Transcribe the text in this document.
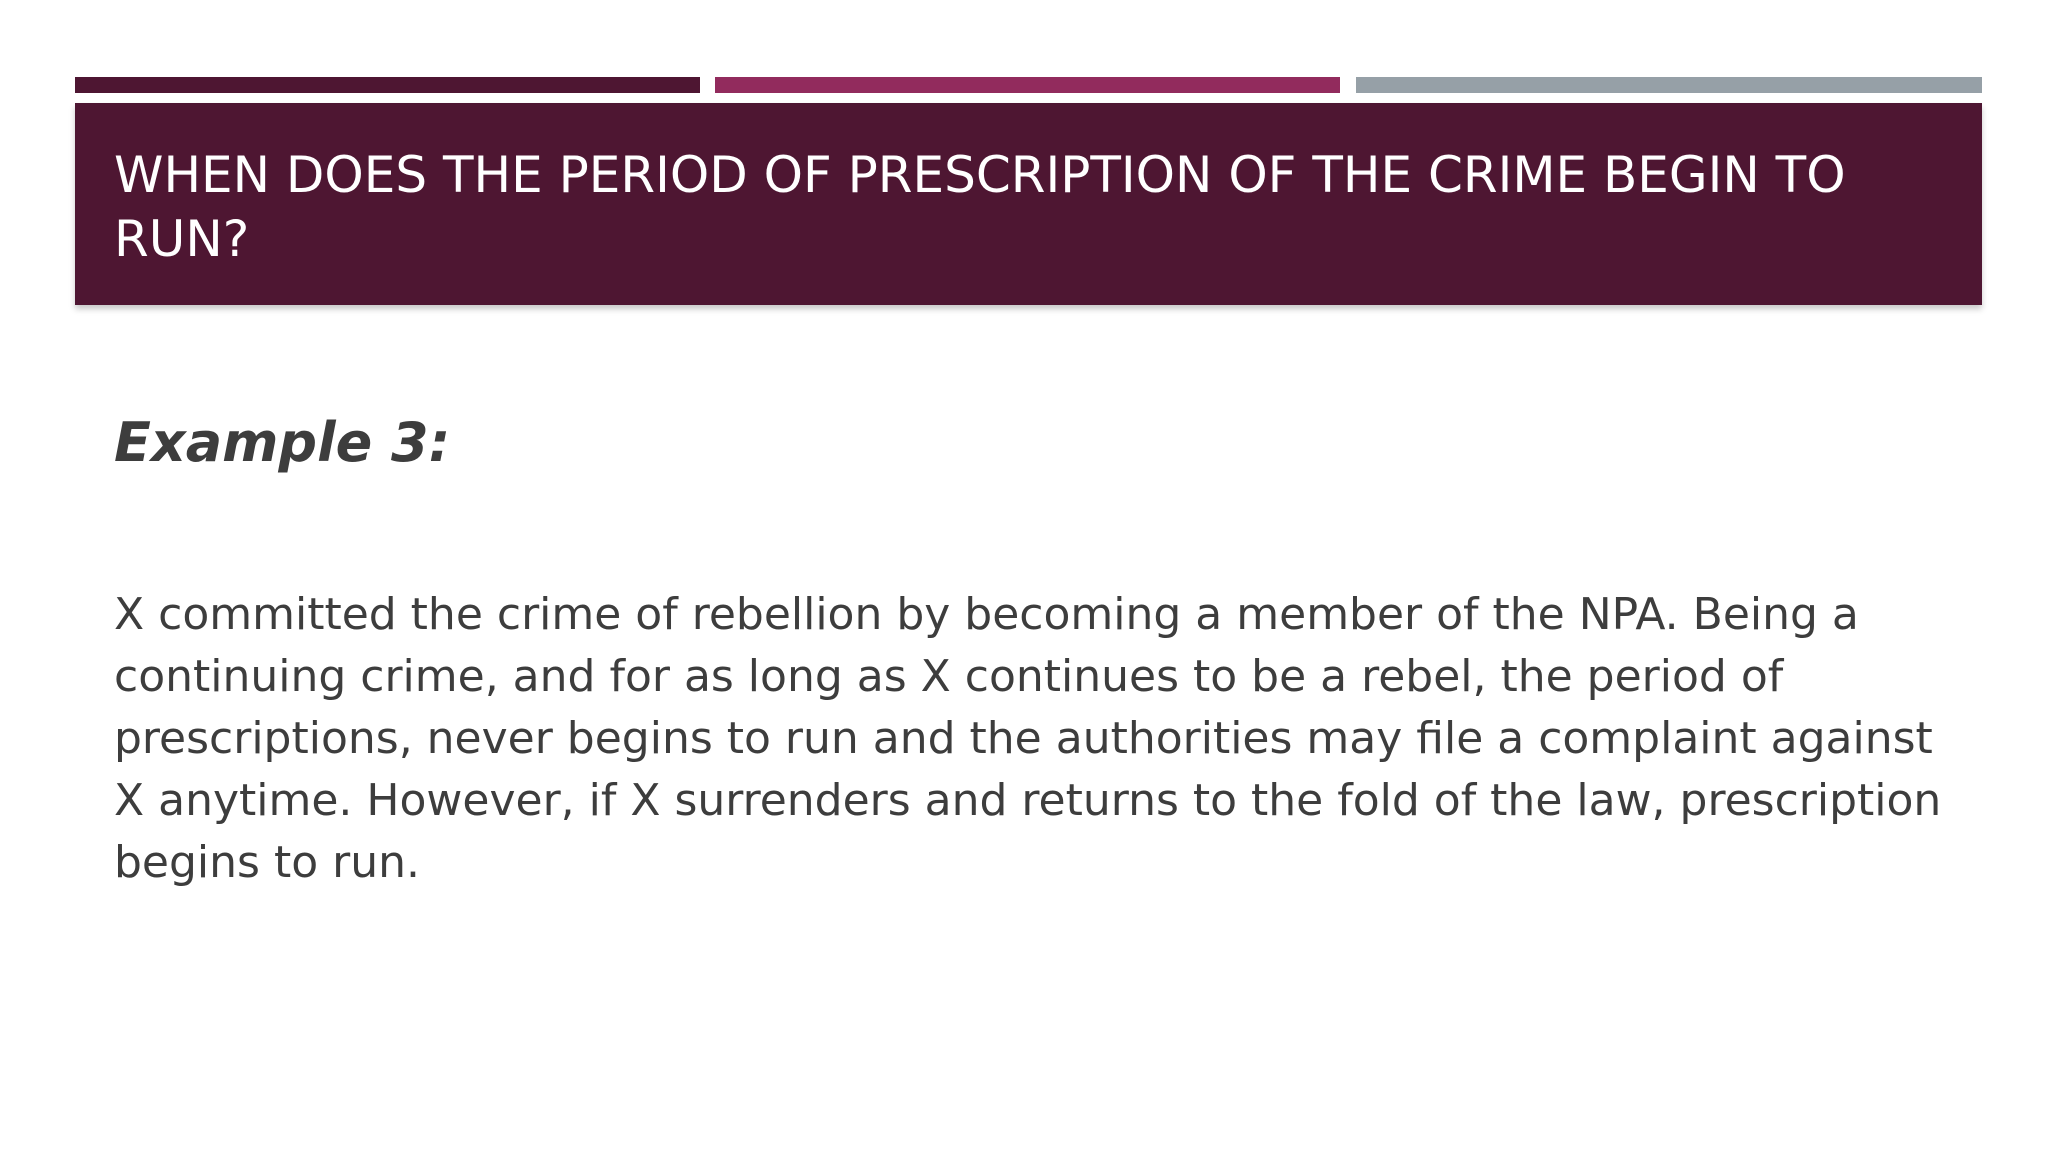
WHEN DOES THE PERIOD OF PRESCRIPTION OF THE CRIME BEGIN TO RUN?

Example 3:

X committed the crime of rebellion by becoming a member of the NPA. Being a continuing crime, and for as long as X continues to be a rebel, the period of prescriptions, never begins to run and the authorities may file a complaint against X anytime. However, if X surrenders and returns to the fold of the law, prescription begins to run.
